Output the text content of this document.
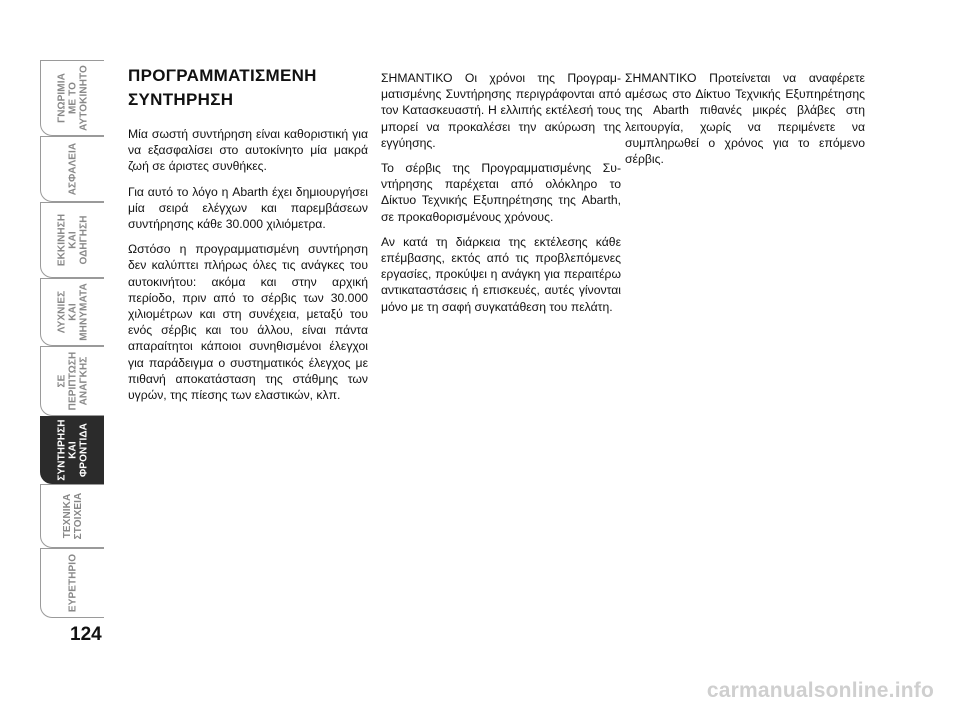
ΓΝΩΡΙΜΙΑ
ΜΕ ΤΟ
ΑΥΤΟΚΙΝΗΤΟ
ΑΣΦΑΛΕΙΑ
ΕΚΚΙΝΗΣΗ
ΚΑΙ
ΟΔΗΓΗΣΗ
ΛΥΧΝΙΕΣ
ΚΑΙ
ΜΗΝΥΜΑΤΑ
ΣΕ
ΠΕΡΙΠΤΩΣΗ
ΑΝΑΓΚΗΣ
ΣΥΝΤΗΡΗΣΗ
ΚΑΙ
ΦΡΟΝΤΙΔΑ
ΤΕΧΝΙΚΑ
ΣΤΟΙΧΕΙΑ
ΕΥΡΕΤΗΡΙΟ
124
ΠΡΟΓΡΑΜΜΑΤΙΣΜΕΝΗ ΣΥΝΤΗΡΗΣΗ

Μία σωστή συντήρηση είναι καθοριστική για να εξασφαλίσει στο αυτοκίνητο μία μακρά ζωή σε άριστες συνθήκες.

Για αυτό το λόγο η Abarth έχει δημιουργήσει μία σειρά ελέγχων και παρεμβάσεων συντήρησης κάθε 30.000 χιλιόμετρα.

Ωστόσο η προγραμματισμένη συντήρηση δεν καλύπτει πλήρως όλες τις ανάγκες του αυτοκινήτου: ακόμα και στην αρχική περίοδο, πριν από το σέρβις των 30.000 χιλιομέτρων και στη συνέχεια, μεταξύ του ενός σέρβις και του άλλου, είναι πάντα απαραίτητοι κάποιοι συνηθισμένοι έλεγχοι για παράδειγμα ο συστηματικός έλεγχος με πιθανή αποκατάσταση της στάθμης των υγρών, της πίεσης των ελαστικών, κλπ.

ΣΗΜΑΝΤΙΚΟ Οι χρόνοι της Προγραμματισμένης Συντήρησης περιγράφονται από τον Κατασκευαστή. Η ελλιπής εκτέλεσή τους μπορεί να προκαλέσει την ακύρωση της εγγύησης.

Το σέρβις της Προγραμματισμένης Συντήρησης παρέχεται από ολόκληρο το Δίκτυο Τεχνικής Εξυπηρέτησης της Abarth, σε προκαθορισμένους χρόνους.

Αν κατά τη διάρκεια της εκτέλεσης κάθε επέμβασης, εκτός από τις προβλεπόμενες εργασίες, προκύψει η ανάγκη για περαιτέρω αντικαταστάσεις ή επισκευές, αυτές γίνονται μόνο με τη σαφή συγκατάθεση του πελάτη.

ΣΗΜΑΝΤΙΚΟ Προτείνεται να αναφέρετε αμέσως στο Δίκτυο Τεχνικής Εξυπηρέτησης της Abarth πιθανές μικρές βλάβες στη λειτουργία, χωρίς να περιμένετε να συμπληρωθεί ο χρόνος για το επόμενο σέρβις.

carmanualsonline.info
